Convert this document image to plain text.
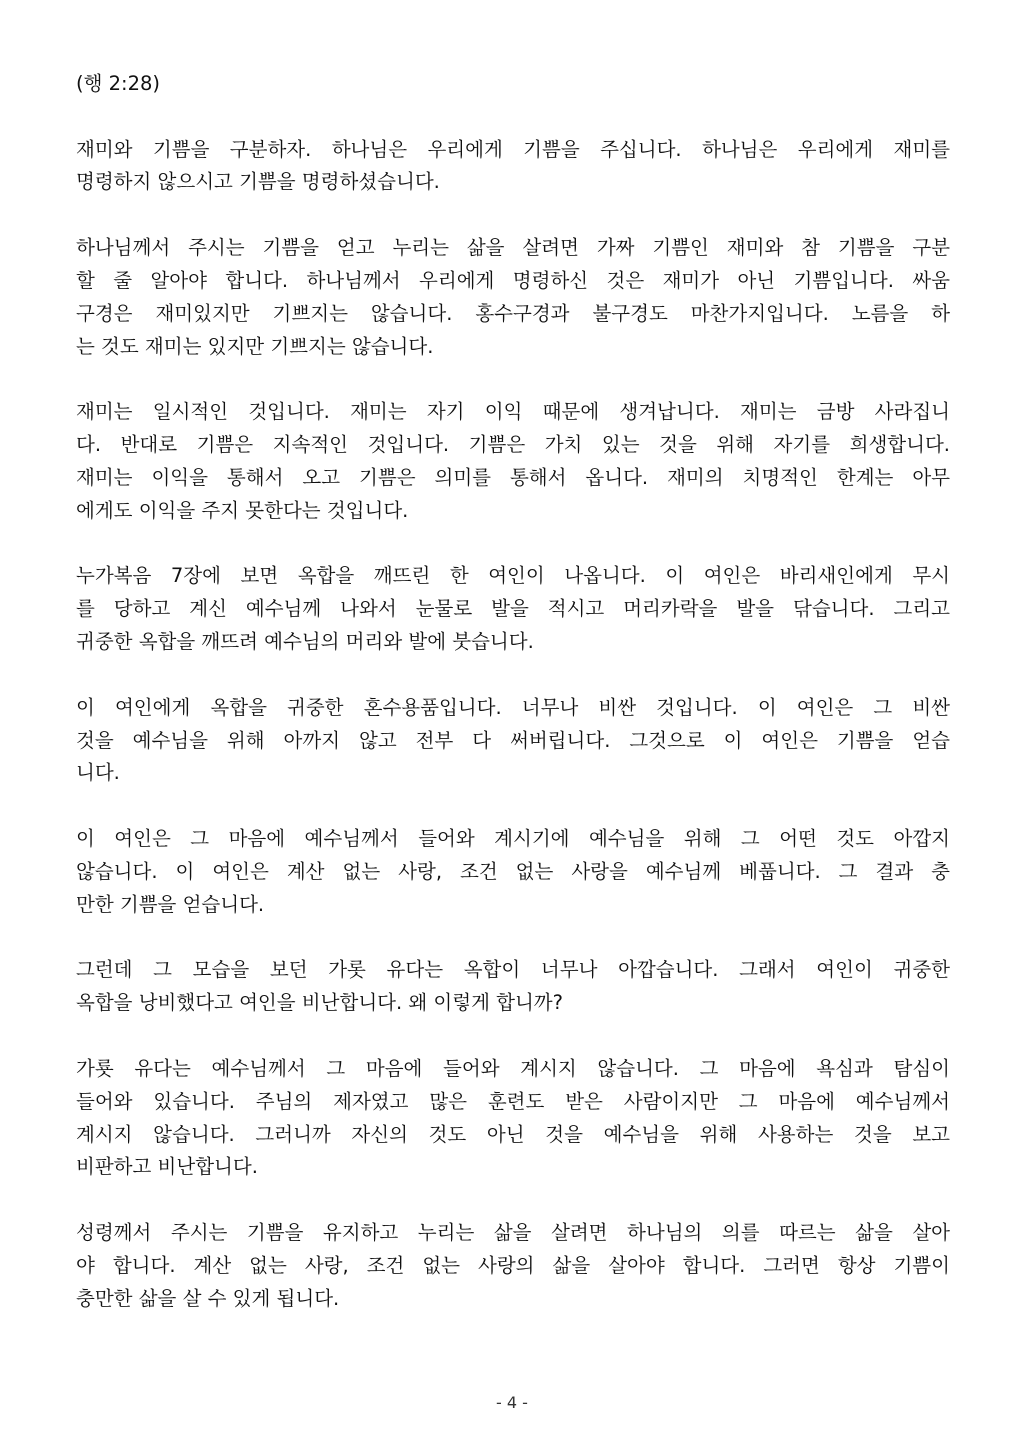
(행 2:28)
재미와 기쁨을 구분하자. 하나님은 우리에게 기쁨을 주십니다. 하나님은 우리에게 재미를
명령하지 않으시고 기쁨을 명령하셨습니다.
하나님께서 주시는 기쁨을 얻고 누리는 삶을 살려면 가짜 기쁨인 재미와 참 기쁨을 구분
할 줄 알아야 합니다. 하나님께서 우리에게 명령하신 것은 재미가 아닌 기쁨입니다. 싸움
구경은 재미있지만 기쁘지는 않습니다. 홍수구경과 불구경도 마찬가지입니다. 노름을 하
는 것도 재미는 있지만 기쁘지는 않습니다.
재미는 일시적인 것입니다. 재미는 자기 이익 때문에 생겨납니다. 재미는 금방 사라집니
다. 반대로 기쁨은 지속적인 것입니다. 기쁨은 가치 있는 것을 위해 자기를 희생합니다.
재미는 이익을 통해서 오고 기쁨은 의미를 통해서 옵니다. 재미의 치명적인 한계는 아무
에게도 이익을 주지 못한다는 것입니다.
누가복음 7장에 보면 옥합을 깨뜨린 한 여인이 나옵니다. 이 여인은 바리새인에게 무시
를 당하고 계신 예수님께 나와서 눈물로 발을 적시고 머리카락을 발을 닦습니다. 그리고
귀중한 옥합을 깨뜨려 예수님의 머리와 발에 붓습니다.
이 여인에게 옥합을 귀중한 혼수용품입니다. 너무나 비싼 것입니다. 이 여인은 그 비싼
것을 예수님을 위해 아까지 않고 전부 다 써버립니다. 그것으로 이 여인은 기쁨을 얻습
니다.
이 여인은 그 마음에 예수님께서 들어와 계시기에 예수님을 위해 그 어떤 것도 아깝지
않습니다. 이 여인은 계산 없는 사랑, 조건 없는 사랑을 예수님께 베풉니다. 그 결과 충
만한 기쁨을 얻습니다.
그런데 그 모습을 보던 가롯 유다는 옥합이 너무나 아깝습니다. 그래서 여인이 귀중한
옥합을 낭비했다고 여인을 비난합니다. 왜 이렇게 합니까?
가룟 유다는 예수님께서 그 마음에 들어와 계시지 않습니다. 그 마음에 욕심과 탐심이
들어와 있습니다. 주님의 제자였고 많은 훈련도 받은 사람이지만 그 마음에 예수님께서
계시지 않습니다. 그러니까 자신의 것도 아닌 것을 예수님을 위해 사용하는 것을 보고
비판하고 비난합니다.
성령께서 주시는 기쁨을 유지하고 누리는 삶을 살려면 하나님의 의를 따르는 삶을 살아
야 합니다. 계산 없는 사랑, 조건 없는 사랑의 삶을 살아야 합니다. 그러면 항상 기쁨이
충만한 삶을 살 수 있게 됩니다.
- 4 -
